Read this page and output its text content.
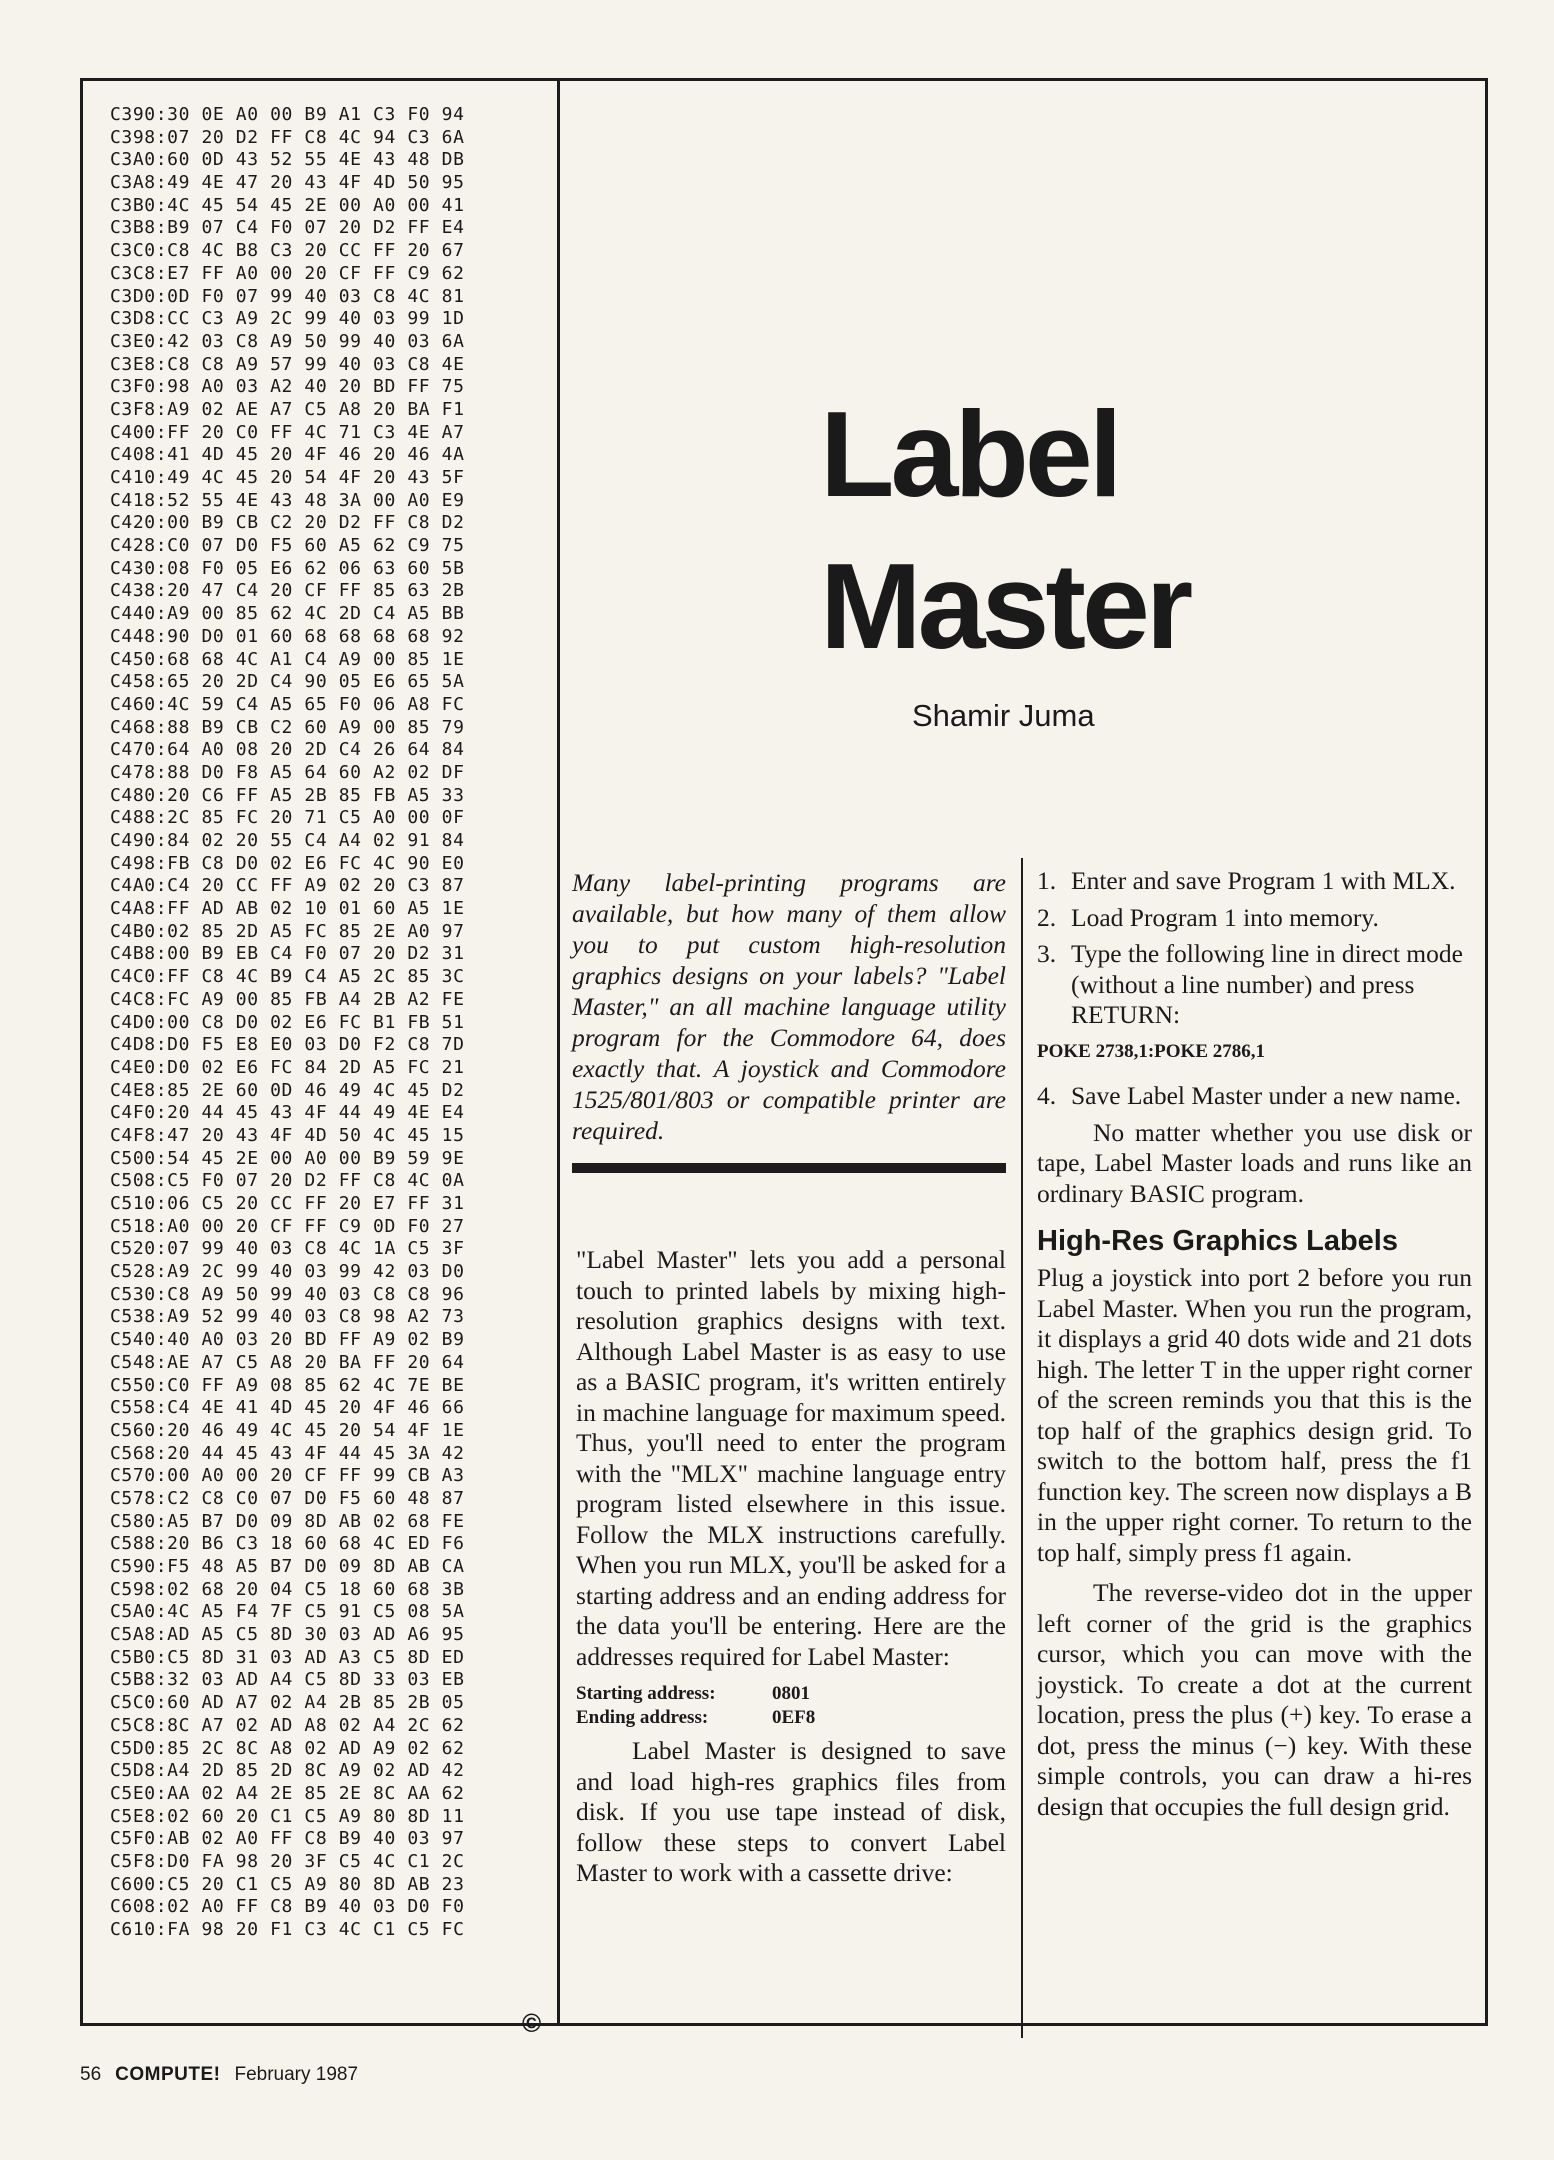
C390:30 0E A0 00 B9 A1 C3 F0 94
C398:07 20 D2 FF C8 4C 94 C3 6A
C3A0:60 0D 43 52 55 4E 43 48 DB
C3A8:49 4E 47 20 43 4F 4D 50 95
C3B0:4C 45 54 45 2E 00 A0 00 41
C3B8:B9 07 C4 F0 07 20 D2 FF E4
C3C0:C8 4C B8 C3 20 CC FF 20 67
C3C8:E7 FF A0 00 20 CF FF C9 62
C3D0:0D F0 07 99 40 03 C8 4C 81
C3D8:CC C3 A9 2C 99 40 03 99 1D
C3E0:42 03 C8 A9 50 99 40 03 6A
C3E8:C8 C8 A9 57 99 40 03 C8 4E
C3F0:98 A0 03 A2 40 20 BD FF 75
C3F8:A9 02 AE A7 C5 A8 20 BA F1
C400:FF 20 C0 FF 4C 71 C3 4E A7
C408:41 4D 45 20 4F 46 20 46 4A
C410:49 4C 45 20 54 4F 20 43 5F
C418:52 55 4E 43 48 3A 00 A0 E9
C420:00 B9 CB C2 20 D2 FF C8 D2
C428:C0 07 D0 F5 60 A5 62 C9 75
C430:08 F0 05 E6 62 06 63 60 5B
C438:20 47 C4 20 CF FF 85 63 2B
C440:A9 00 85 62 4C 2D C4 A5 BB
C448:90 D0 01 60 68 68 68 68 92
C450:68 68 4C A1 C4 A9 00 85 1E
C458:65 20 2D C4 90 05 E6 65 5A
C460:4C 59 C4 A5 65 F0 06 A8 FC
C468:88 B9 CB C2 60 A9 00 85 79
C470:64 A0 08 20 2D C4 26 64 84
C478:88 D0 F8 A5 64 60 A2 02 DF
C480:20 C6 FF A5 2B 85 FB A5 33
C488:2C 85 FC 20 71 C5 A0 00 0F
C490:84 02 20 55 C4 A4 02 91 84
C498:FB C8 D0 02 E6 FC 4C 90 E0
C4A0:C4 20 CC FF A9 02 20 C3 87
C4A8:FF AD AB 02 10 01 60 A5 1E
C4B0:02 85 2D A5 FC 85 2E A0 97
C4B8:00 B9 EB C4 F0 07 20 D2 31
C4C0:FF C8 4C B9 C4 A5 2C 85 3C
C4C8:FC A9 00 85 FB A4 2B A2 FE
C4D0:00 C8 D0 02 E6 FC B1 FB 51
C4D8:D0 F5 E8 E0 03 D0 F2 C8 7D
C4E0:D0 02 E6 FC 84 2D A5 FC 21
C4E8:85 2E 60 0D 46 49 4C 45 D2
C4F0:20 44 45 43 4F 44 49 4E E4
C4F8:47 20 43 4F 4D 50 4C 45 15
C500:54 45 2E 00 A0 00 B9 59 9E
C508:C5 F0 07 20 D2 FF C8 4C 0A
C510:06 C5 20 CC FF 20 E7 FF 31
C518:A0 00 20 CF FF C9 0D F0 27
C520:07 99 40 03 C8 4C 1A C5 3F
C528:A9 2C 99 40 03 99 42 03 D0
C530:C8 A9 50 99 40 03 C8 C8 96
C538:A9 52 99 40 03 C8 98 A2 73
C540:40 A0 03 20 BD FF A9 02 B9
C548:AE A7 C5 A8 20 BA FF 20 64
C550:C0 FF A9 08 85 62 4C 7E BE
C558:C4 4E 41 4D 45 20 4F 46 66
C560:20 46 49 4C 45 20 54 4F 1E
C568:20 44 45 43 4F 44 45 3A 42
C570:00 A0 00 20 CF FF 99 CB A3
C578:C2 C8 C0 07 D0 F5 60 48 87
C580:A5 B7 D0 09 8D AB 02 68 FE
C588:20 B6 C3 18 60 68 4C ED F6
C590:F5 48 A5 B7 D0 09 8D AB CA
C598:02 68 20 04 C5 18 60 68 3B
C5A0:4C A5 F4 7F C5 91 C5 08 5A
C5A8:AD A5 C5 8D 30 03 AD A6 95
C5B0:C5 8D 31 03 AD A3 C5 8D ED
C5B8:32 03 AD A4 C5 8D 33 03 EB
C5C0:60 AD A7 02 A4 2B 85 2B 05
C5C8:8C A7 02 AD A8 02 A4 2C 62
C5D0:85 2C 8C A8 02 AD A9 02 62
C5D8:A4 2D 85 2D 8C A9 02 AD 42
C5E0:AA 02 A4 2E 85 2E 8C AA 62
C5E8:02 60 20 C1 C5 A9 80 8D 11
C5F0:AB 02 A0 FF C8 B9 40 03 97
C5F8:D0 FA 98 20 3F C5 4C C1 2C
C600:C5 20 C1 C5 A9 80 8D AB 23
C608:02 A0 FF C8 B9 40 03 D0 F0
C610:FA 98 20 F1 C3 4C C1 C5 FC
Label
Master
Shamir Juma
Many label-printing programs are available, but how many of them allow you to put custom high-resolution graphics designs on your labels? "Label Master," an all machine language utility program for the Commodore 64, does exactly that. A joystick and Commodore 1525/801/803 or compatible printer are required.

"Label Master" lets you add a personal touch to printed labels by mixing high-resolution graphics designs with text. Although Label Master is as easy to use as a BASIC program, it's written entirely in machine language for maximum speed. Thus, you'll need to enter the program with the "MLX" machine language entry program listed elsewhere in this issue. Follow the MLX instructions carefully. When you run MLX, you'll be asked for a starting address and an ending address for the data you'll be entering. Here are the addresses required for Label Master:

Starting address:	0801
Ending address:	0EF8

Label Master is designed to save and load high-res graphics files from disk. If you use tape instead of disk, follow these steps to convert Label Master to work with a cassette drive:

1. Enter and save Program 1 with MLX.
2. Load Program 1 into memory.
3. Type the following line in direct mode (without a line number) and press RETURN:
POKE 2738,1:POKE 2786,1
4. Save Label Master under a new name.

No matter whether you use disk or tape, Label Master loads and runs like an ordinary BASIC program.

High-Res Graphics Labels

Plug a joystick into port 2 before you run Label Master. When you run the program, it displays a grid 40 dots wide and 21 dots high. The letter T in the upper right corner of the screen reminds you that this is the top half of the graphics design grid. To switch to the bottom half, press the f1 function key. The screen now displays a B in the upper right corner. To return to the top half, simply press f1 again.

The reverse-video dot in the upper left corner of the grid is the graphics cursor, which you can move with the joystick. To create a dot at the current location, press the plus (+) key. To erase a dot, press the minus (−) key. With these simple controls, you can draw a hi-res design that occupies the full design grid.

©
56 COMPUTE! February 1987
